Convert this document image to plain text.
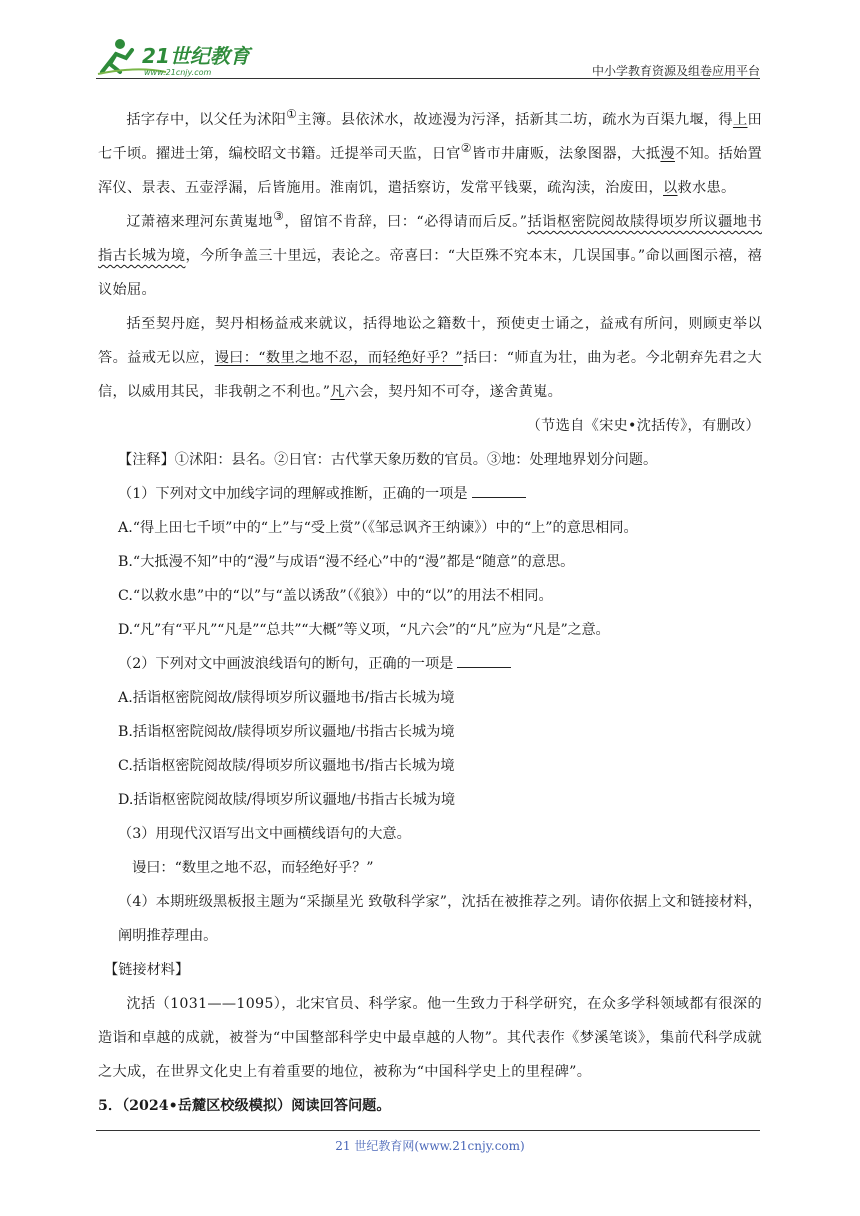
21世纪教育
www.21cnjy.com	中小学教育资源及组卷应用平台

括字存中，以父任为沭阳①主簿。县依沭水，故迹漫为污泽，括新其二坊，疏水为百渠九堰，得上田七千顷。擢进士第，编校昭文书籍。迁提举司天监，日官②皆市井庸贩，法象图器，大抵漫不知。括始置浑仪、景表、五壶浮漏，后皆施用。淮南饥，遣括察访，发常平钱粟，疏沟渎，治废田，以救水患。

辽萧禧来理河东黄嵬地③，留馆不肯辞，曰：“必得请而后反。”括诣枢密院阅故牍得顷岁所议疆地书指古长城为境，今所争盖三十里远，表论之。帝喜曰：“大臣殊不究本末，几误国事。”命以画图示禧，禧议始屈。

括至契丹庭，契丹相杨益戒来就议，括得地讼之籍数十，预使吏士诵之，益戒有所问，则顾吏举以答。益戒无以应，谩曰：“数里之地不忍，而轻绝好乎？”括曰：“师直为壮，曲为老。今北朝弃先君之大信，以威用其民，非我朝之不利也。”凡六会，契丹知不可夺，遂舍黄嵬。

（节选自《宋史•沈括传》，有删改）

【注释】①沭阳：县名。②日官：古代掌天象历数的官员。③地：处理地界划分问题。

（1）下列对文中加线字词的理解或推断，正确的一项是

A.“得上田七千顷”中的“上”与“受上赏”（《邹忌讽齐王纳谏》）中的“上”的意思相同。

B.“大抵漫不知”中的“漫”与成语“漫不经心”中的“漫”都是“随意”的意思。

C.“以救水患”中的“以”与“盖以诱敌”（《狼》）中的“以”的用法不相同。

D.“凡”有“平凡”“凡是”“总共”“大概”等义项，“凡六会”的“凡”应为“凡是”之意。

（2）下列对文中画波浪线语句的断句，正确的一项是

A.括诣枢密院阅故/牍得顷岁所议疆地书/指古长城为境

B.括诣枢密院阅故/牍得顷岁所议疆地/书指古长城为境

C.括诣枢密院阅故牍/得顷岁所议疆地书/指古长城为境

D.括诣枢密院阅故牍/得顷岁所议疆地/书指古长城为境

（3）用现代汉语写出文中画横线语句的大意。

谩曰：“数里之地不忍，而轻绝好乎？”

（4）本期班级黑板报主题为“采撷星光 致敬科学家”，沈括在被推荐之列。请你依据上文和链接材料，阐明推荐理由。

【链接材料】

沈括（1031——1095），北宋官员、科学家。他一生致力于科学研究，在众多学科领域都有很深的造诣和卓越的成就，被誉为“中国整部科学史中最卓越的人物”。其代表作《梦溪笔谈》，集前代科学成就之大成，在世界文化史上有着重要的地位，被称为“中国科学史上的里程碑”。

5．（2024•岳麓区校级模拟）阅读回答问题。

21 世纪教育网(www.21cnjy.com)
